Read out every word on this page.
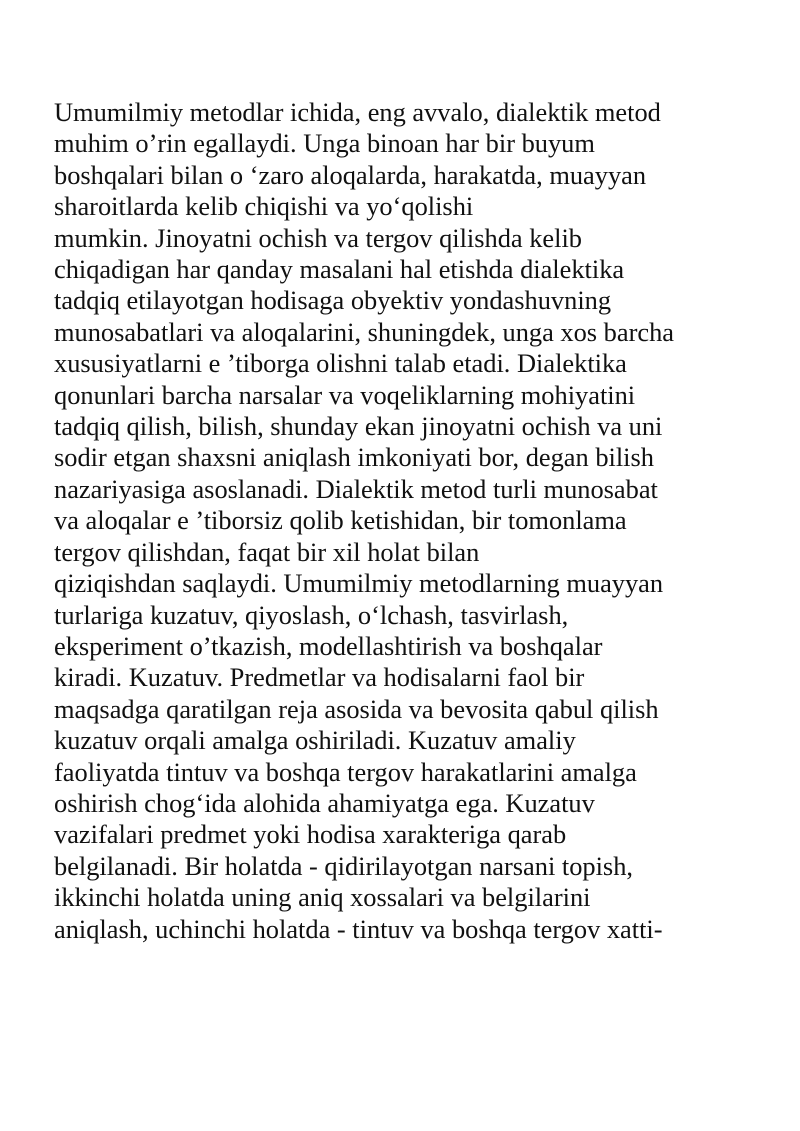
Umumilmiy metodlar ichida, eng avvalo, dialektik metod
muhim o’rin egallaydi. Unga binoan har bir buyum
boshqalari bilan o ‘zaro aloqalarda, harakatda, muayyan
sharoitlarda kelib chiqishi va yo‘qolishi
mumkin. Jinoyatni ochish va tergov qilishda kelib
chiqadigan har qanday masalani hal etishda dialektika
tadqiq etilayotgan hodisaga obyektiv yondashuvning
munosabatlari va aloqalarini, shuningdek, unga xos barcha
xususiyatlarni e ’tiborga olishni talab etadi. Dialektika
qonunlari barcha narsalar va voqeliklarning mohiyatini
tadqiq qilish, bilish, shunday ekan jinoyatni ochish va uni
sodir etgan shaxsni aniqlash imkoniyati bor, degan bilish
nazariyasiga asoslanadi. Dialektik metod turli munosabat
va aloqalar e ’tiborsiz qolib ketishidan, bir tomonlama
tergov qilishdan, faqat bir xil holat bilan
qiziqishdan saqlaydi. Umumilmiy metodlarning muayyan
turlariga kuzatuv, qiyoslash, o‘lchash, tasvirlash,
eksperiment o’tkazish, modellashtirish va boshqalar
kiradi. Kuzatuv. Predmetlar va hodisalarni faol bir
maqsadga qaratilgan reja asosida va bevosita qabul qilish
kuzatuv orqali amalga oshiriladi. Kuzatuv amaliy
faoliyatda tintuv va boshqa tergov harakatlarini amalga
oshirish chog‘ida alohida ahamiyatga ega. Kuzatuv
vazifalari predmet yoki hodisa xarakteriga qarab
belgilanadi. Bir holatda - qidirilayotgan narsani topish,
ikkinchi holatda uning aniq xossalari va belgilarini
aniqlash, uchinchi holatda - tintuv va boshqa tergov xatti-
